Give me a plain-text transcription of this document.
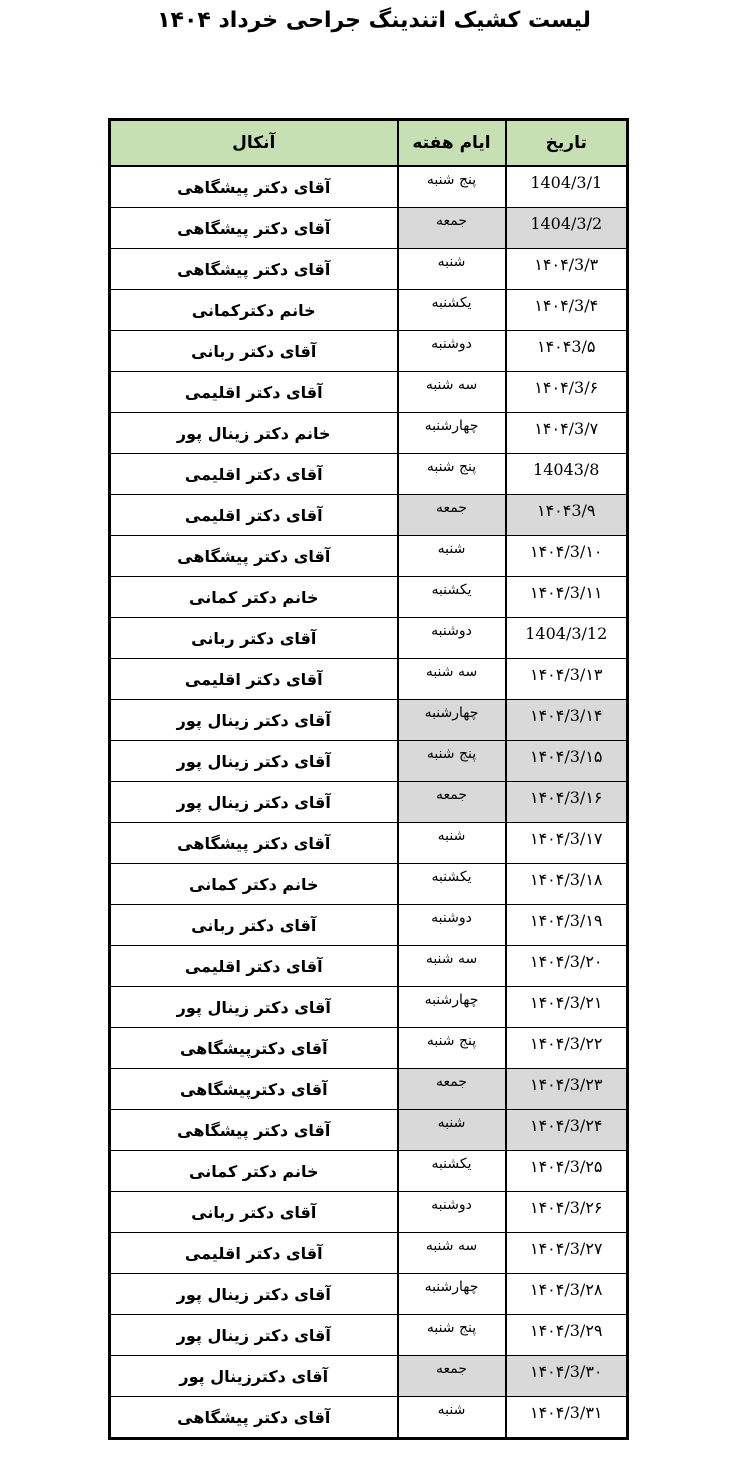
لیست کشیک اتندینگ جراحی خرداد ۱۴۰۴
آنکال	ایام هفته	تاریخ
آقای دکتر پیشگاهی	پنج شنبه	1404/3/1
آقای دکتر پیشگاهی	جمعه	1404/3/2
آقای دکتر پیشگاهی	شنبه	۱۴۰۴/3/۳
خانم دکترکمانی	یکشنبه	۱۴۰۴/3/۴
آقای دکتر ربانی	دوشنبه	۱۴۰۴3/۵
آقای دکتر اقلیمی	سه شنبه	۱۴۰۴/3/۶
خانم دکتر زینال پور	چهارشنبه	۱۴۰۴/3/۷
آقای دکتر اقلیمی	پنج شنبه	14043/8
آقای دکتر اقلیمی	جمعه	۱۴۰۴3/۹
آقای دکتر پیشگاهی	شنبه	۱۴۰۴/3/۱۰
خانم دکتر کمانی	یکشنبه	۱۴۰۴/3/۱۱
آقای دکتر ربانی	دوشنبه	1404/3/12
آقای دکتر اقلیمی	سه شنبه	۱۴۰۴/3/۱۳
آقای دکتر زینال پور	چهارشنبه	۱۴۰۴/3/۱۴
آقای دکتر زینال پور	پنج شنبه	۱۴۰۴/3/۱۵
آقای دکتر زینال پور	جمعه	۱۴۰۴/3/۱۶
آقای دکتر پیشگاهی	شنبه	۱۴۰۴/3/۱۷
خانم دکتر کمانی	یکشنبه	۱۴۰۴/3/۱۸
آقای دکتر ربانی	دوشنبه	۱۴۰۴/3/۱۹
آقای دکتر اقلیمی	سه شنبه	۱۴۰۴/3/۲۰
آقای دکتر زینال پور	چهارشنبه	۱۴۰۴/3/۲۱
آقای دکترپیشگاهی	پنج شنبه	۱۴۰۴/3/۲۲
آقای دکترپیشگاهی	جمعه	۱۴۰۴/3/۲۳
آقای دکتر پیشگاهی	شنبه	۱۴۰۴/3/۲۴
خانم دکتر کمانی	یکشنبه	۱۴۰۴/3/۲۵
آقای دکتر ربانی	دوشنبه	۱۴۰۴/3/۲۶
آقای دکتر اقلیمی	سه شنبه	۱۴۰۴/3/۲۷
آقای دکتر زینال پور	چهارشنبه	۱۴۰۴/3/۲۸
آقای دکتر زینال پور	پنج شنبه	۱۴۰۴/3/۲۹
آقای دکترزینال پور	جمعه	۱۴۰۴/3/۳۰
آقای دکتر پیشگاهی	شنبه	۱۴۰۴/3/۳۱
